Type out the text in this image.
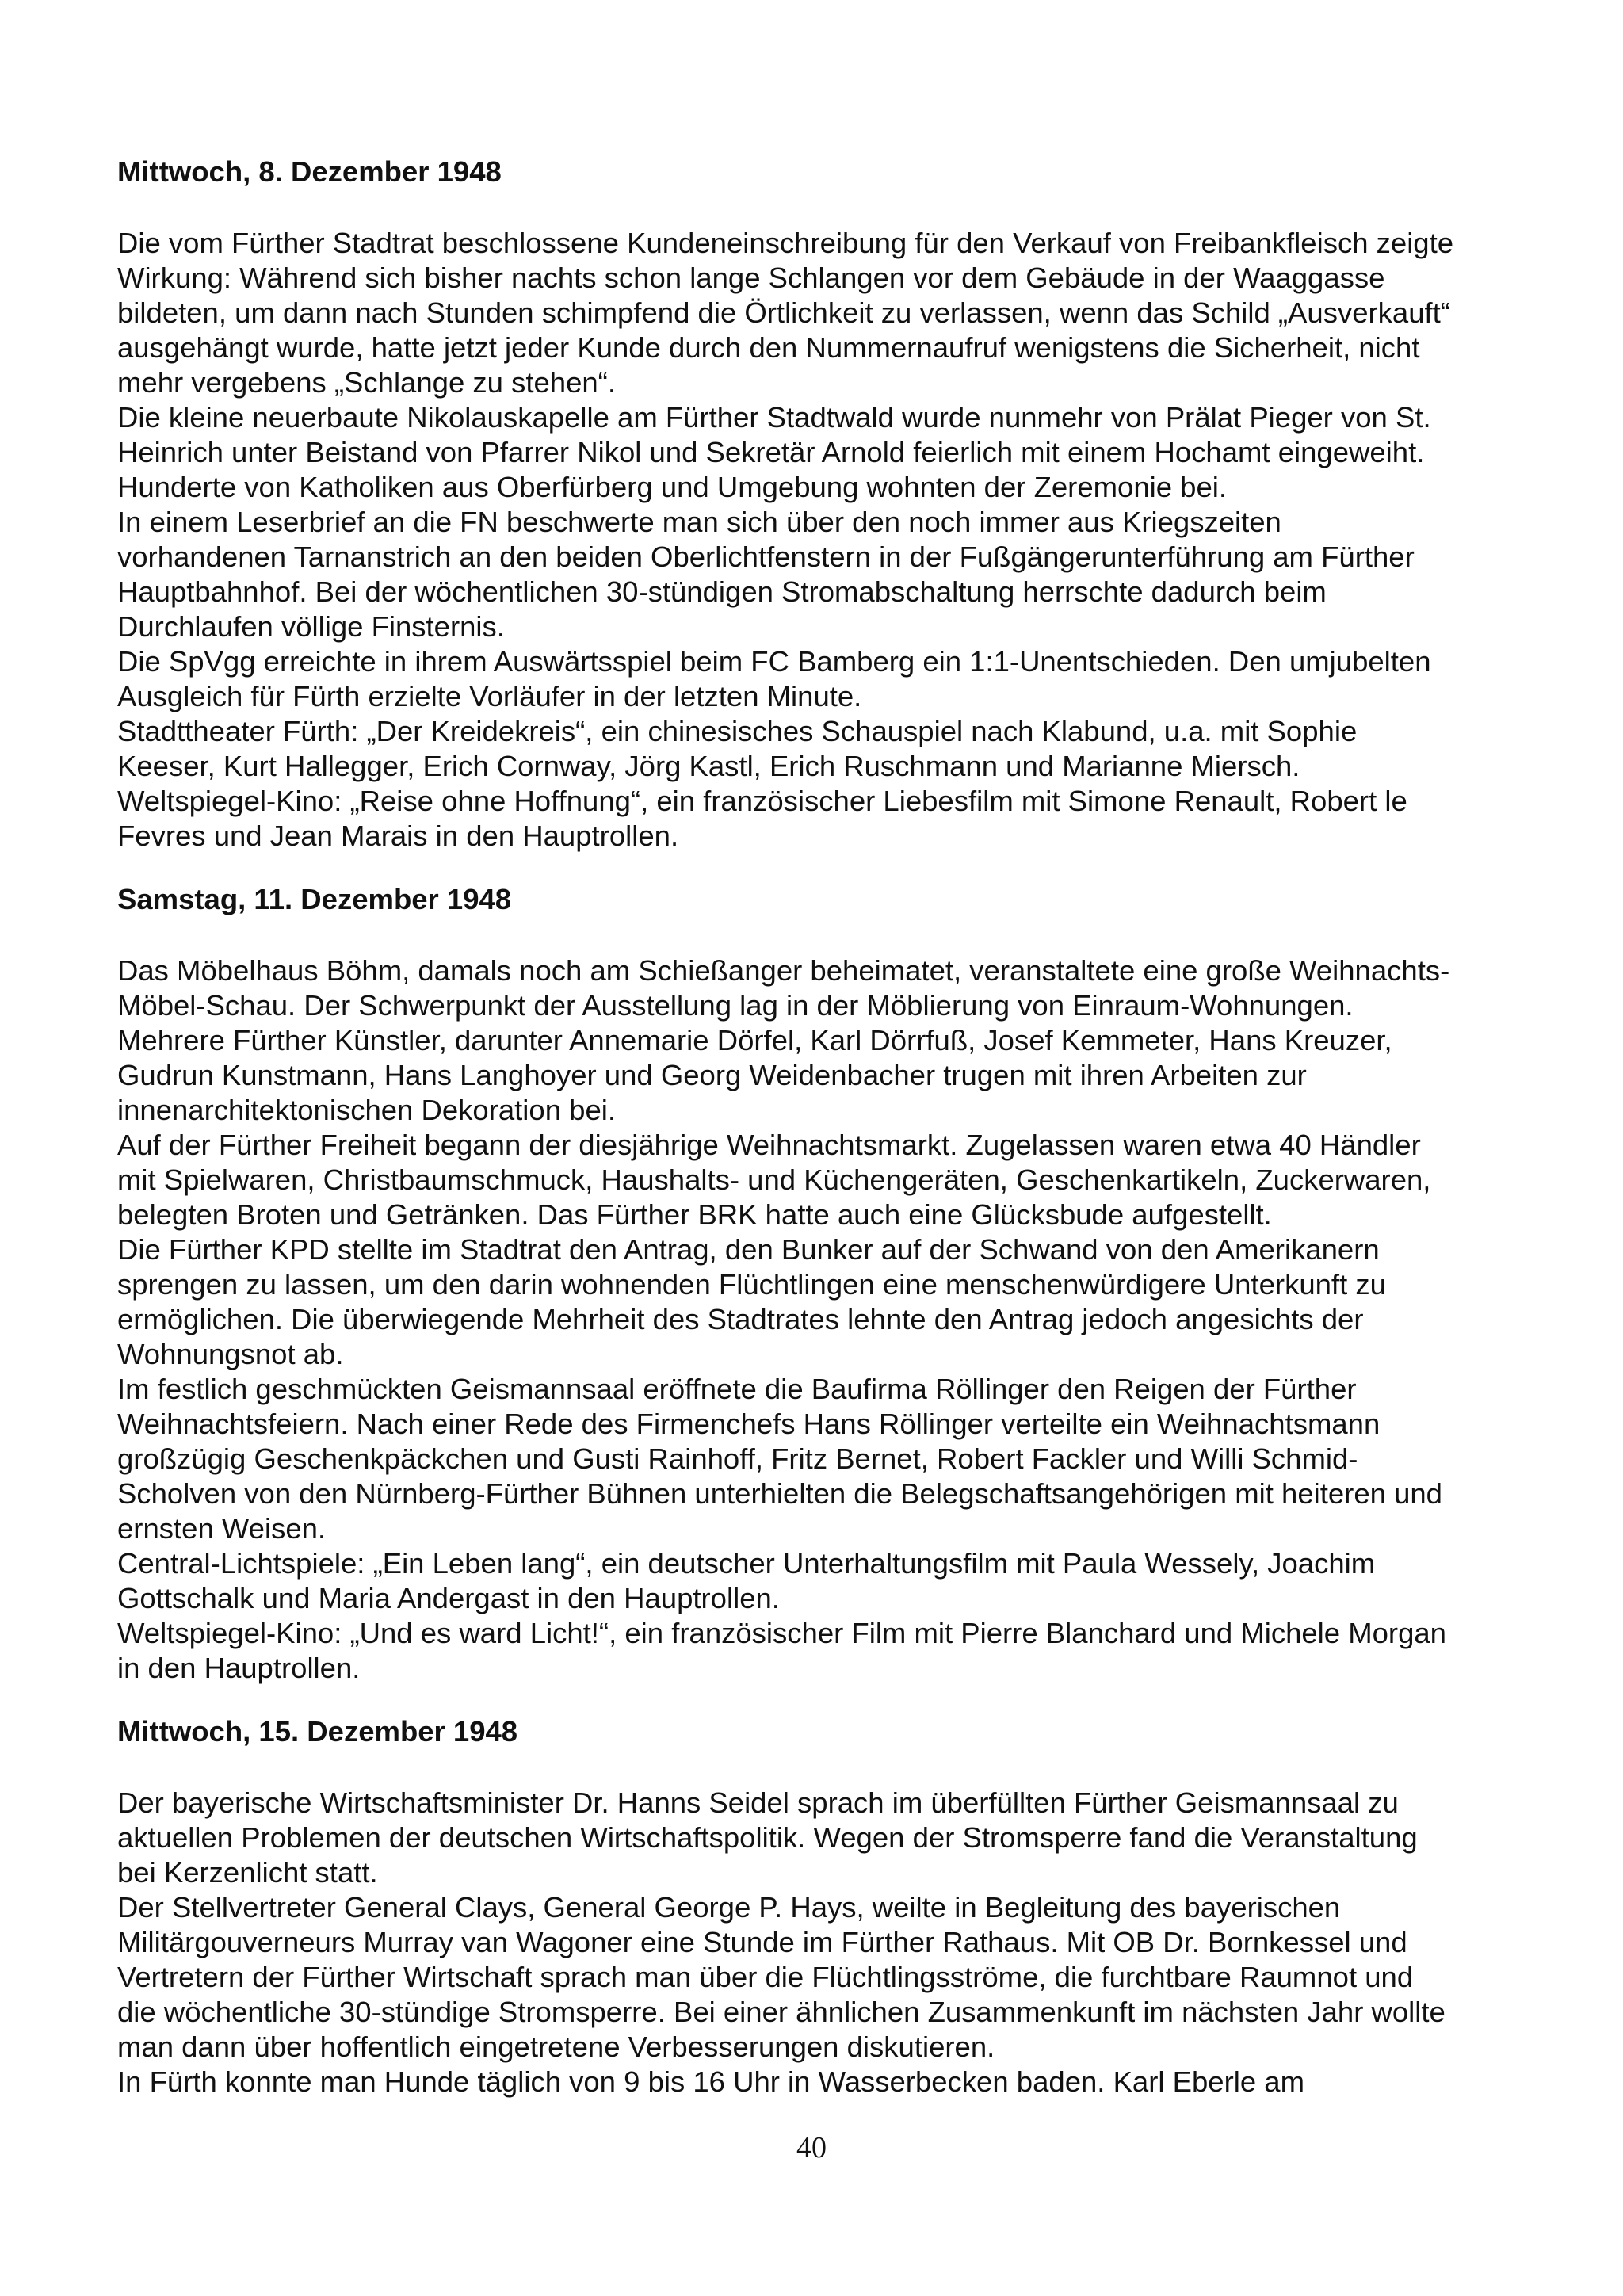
Mittwoch, 8. Dezember 1948
Die vom Fürther Stadtrat beschlossene Kundeneinschreibung für den Verkauf von Freibankfleisch zeigte
Wirkung: Während sich bisher nachts schon lange Schlangen vor dem Gebäude in der Waaggasse
bildeten, um dann nach Stunden schimpfend die Örtlichkeit zu verlassen, wenn das Schild „Ausverkauft“
ausgehängt wurde, hatte jetzt jeder Kunde durch den Nummernaufruf wenigstens die Sicherheit, nicht
mehr vergebens „Schlange zu stehen“.
Die kleine neuerbaute Nikolauskapelle am Fürther Stadtwald wurde nunmehr von Prälat Pieger von St.
Heinrich unter Beistand von Pfarrer Nikol und Sekretär Arnold feierlich mit einem Hochamt eingeweiht.
Hunderte von Katholiken aus Oberfürberg und Umgebung wohnten der Zeremonie bei.
In einem Leserbrief an die FN beschwerte man sich über den noch immer aus Kriegszeiten
vorhandenen Tarnanstrich an den beiden Oberlichtfenstern in der Fußgängerunterführung am Fürther
Hauptbahnhof. Bei der wöchentlichen 30-stündigen Stromabschaltung herrschte dadurch beim
Durchlaufen völlige Finsternis.
Die SpVgg erreichte in ihrem Auswärtsspiel beim FC Bamberg ein 1:1-Unentschieden. Den umjubelten
Ausgleich für Fürth erzielte Vorläufer in der letzten Minute.
Stadttheater Fürth: „Der Kreidekreis“, ein chinesisches Schauspiel nach Klabund, u.a. mit Sophie
Keeser, Kurt Hallegger, Erich Cornway, Jörg Kastl, Erich Ruschmann und Marianne Miersch.
Weltspiegel-Kino: „Reise ohne Hoffnung“, ein französischer Liebesfilm mit Simone Renault, Robert le
Fevres und Jean Marais in den Hauptrollen.
Samstag, 11. Dezember 1948
Das Möbelhaus Böhm, damals noch am Schießanger beheimatet, veranstaltete eine große Weihnachts-
Möbel-Schau. Der Schwerpunkt der Ausstellung lag in der Möblierung von Einraum-Wohnungen.
Mehrere Fürther Künstler, darunter Annemarie Dörfel, Karl Dörrfuß, Josef Kemmeter, Hans Kreuzer,
Gudrun Kunstmann, Hans Langhoyer und Georg Weidenbacher trugen mit ihren Arbeiten zur
innenarchitektonischen Dekoration bei.
Auf der Fürther Freiheit begann der diesjährige Weihnachtsmarkt. Zugelassen waren etwa 40 Händler
mit Spielwaren, Christbaumschmuck, Haushalts- und Küchengeräten, Geschenkartikeln, Zuckerwaren,
belegten Broten und Getränken. Das Fürther BRK hatte auch eine Glücksbude aufgestellt.
Die Fürther KPD stellte im Stadtrat den Antrag, den Bunker auf der Schwand von den Amerikanern
sprengen zu lassen, um den darin wohnenden Flüchtlingen eine menschenwürdigere Unterkunft zu
ermöglichen. Die überwiegende Mehrheit des Stadtrates lehnte den Antrag jedoch angesichts der
Wohnungsnot ab.
Im festlich geschmückten Geismannsaal eröffnete die Baufirma Röllinger den Reigen der Fürther
Weihnachtsfeiern. Nach einer Rede des Firmenchefs Hans Röllinger verteilte ein Weihnachtsmann
großzügig Geschenkpäckchen und Gusti Rainhoff, Fritz Bernet, Robert Fackler und Willi Schmid-
Scholven von den Nürnberg-Fürther Bühnen unterhielten die Belegschaftsangehörigen mit heiteren und
ernsten Weisen.
Central-Lichtspiele: „Ein Leben lang“, ein deutscher Unterhaltungsfilm mit Paula Wessely, Joachim
Gottschalk und Maria Andergast in den Hauptrollen.
Weltspiegel-Kino: „Und es ward Licht!“, ein französischer Film mit Pierre Blanchard und Michele Morgan
in den Hauptrollen.
Mittwoch, 15. Dezember 1948
Der bayerische Wirtschaftsminister Dr. Hanns Seidel sprach im überfüllten Fürther Geismannsaal zu
aktuellen Problemen der deutschen Wirtschaftspolitik. Wegen der Stromsperre fand die Veranstaltung
bei Kerzenlicht statt.
Der Stellvertreter General Clays, General George P. Hays, weilte in Begleitung des bayerischen
Militärgouverneurs Murray van Wagoner eine Stunde im Fürther Rathaus. Mit OB Dr. Bornkessel und
Vertretern der Fürther Wirtschaft sprach man über die Flüchtlingsströme, die furchtbare Raumnot und
die wöchentliche 30-stündige Stromsperre. Bei einer ähnlichen Zusammenkunft im nächsten Jahr wollte
man dann über hoffentlich eingetretene Verbesserungen diskutieren.
In Fürth konnte man Hunde täglich von 9 bis 16 Uhr in Wasserbecken baden. Karl Eberle am
40
